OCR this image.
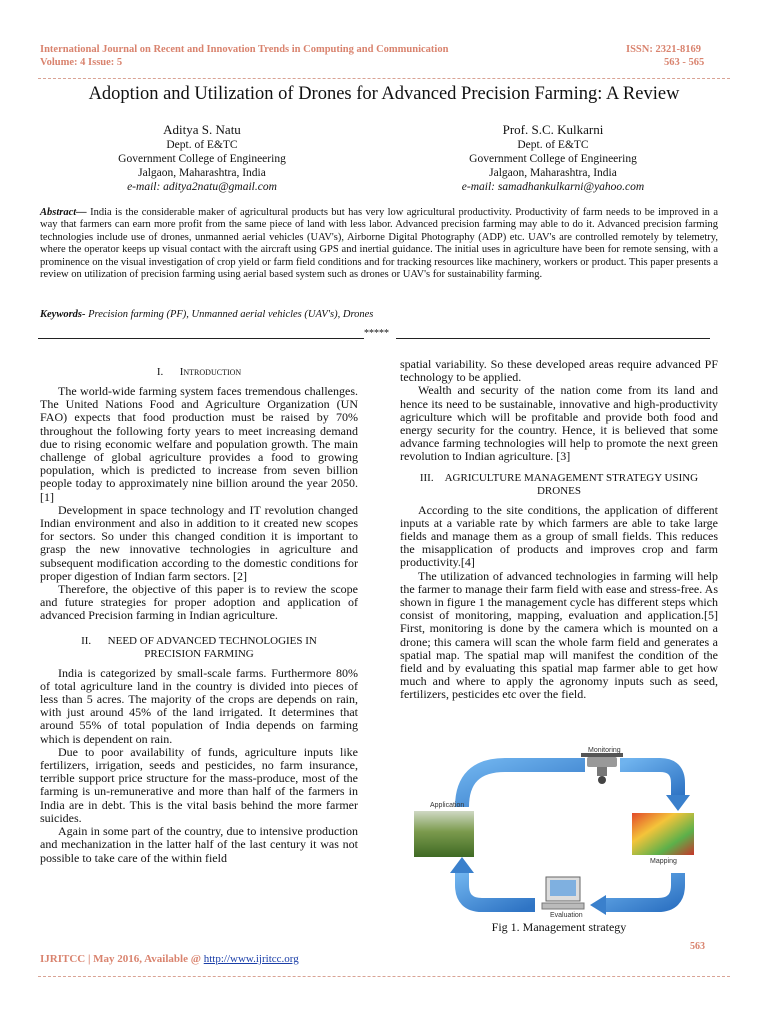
International Journal on Recent and Innovation Trends in Computing and Communication
Volume: 4 Issue: 5
ISSN: 2321-8169
563 - 565
Adoption and Utilization of Drones for Advanced Precision Farming: A Review
Aditya S. Natu
Dept. of E&TC
Government College of Engineering
Jalgaon, Maharashtra, India
e-mail: aditya2natu@gmail.com
Prof. S.C. Kulkarni
Dept. of E&TC
Government College of Engineering
Jalgaon, Maharashtra, India
e-mail: samadhankulkarni@yahoo.com
Abstract— India is the considerable maker of agricultural products but has very low agricultural productivity. Productivity of farm needs to be improved in a way that farmers can earn more profit from the same piece of land with less labor. Advanced precision farming may able to do it. Advanced precision farming technologies include use of drones, unmanned aerial vehicles (UAV's), Airborne Digital Photography (ADP) etc. UAV's are controlled remotely by telemetry, where the operator keeps up visual contact with the aircraft using GPS and inertial guidance. The initial uses in agriculture have been for remote sensing, with a prominence on the visual investigation of crop yield or farm field conditions and for tracking resources like machinery, workers or product. This paper presents a review on utilization of precision farming using aerial based system such as drones or UAV's for sustainability farming.
Keywords- Precision farming (PF), Unmanned aerial vehicles (UAV's), Drones
*****
I. Introduction

The world-wide farming system faces tremendous challenges. The United Nations Food and Agriculture Organization (UN FAO) expects that food production must be raised by 70% throughout the following forty years to meet increasing demand due to rising economic welfare and population growth. The main challenge of global agriculture provides a food to growing population, which is predicted to increase from seven billion people today to approximately nine billion around the year 2050.[1]

Development in space technology and IT revolution changed Indian environment and also in addition to it created new scopes for sectors. So under this changed condition it is important to grasp the new innovative technologies in agriculture and subsequent modification according to the domestic conditions for proper digestion of Indian farm sectors. [2]

Therefore, the objective of this paper is to review the scope and future strategies for proper adoption and application of advanced Precision farming in Indian agriculture.

II. NEED OF ADVANCED TECHNOLOGIES IN PRECISION FARMING

India is categorized by small-scale farms. Furthermore 80% of total agriculture land in the country is divided into pieces of less than 5 acres. The majority of the crops are depends on rain, with just around 45% of the land irrigated. It determines that around 55% of total population of India depends on farming which is dependent on rain.

Due to poor availability of funds, agriculture inputs like fertilizers, irrigation, seeds and pesticides, no farm insurance, terrible support price structure for the mass-produce, most of the farming is un-remunerative and more than half of the farmers in India are in debt. This is the vital basis behind the more farmer suicides.

Again in some part of the country, due to intensive production and mechanization in the latter half of the last century it was not possible to take care of the within field

spatial variability. So these developed areas require advanced PF technology to be applied.

Wealth and security of the nation come from its land and hence its need to be sustainable, innovative and high-productivity agriculture which will be profitable and provide both food and energy security for the country. Hence, it is believed that some advance farming technologies will help to promote the next green revolution to Indian agriculture. [3]

III. AGRICULTURE MANAGEMENT STRATEGY USING DRONES

According to the site conditions, the application of different inputs at a variable rate by which farmers are able to take large fields and manage them as a group of small fields. This reduces the misapplication of products and improves crop and farm productivity.[4]

The utilization of advanced technologies in farming will help the farmer to manage their farm field with ease and stress-free. As shown in figure 1 the management cycle has different steps which consist of monitoring, mapping, evaluation and application.[5] First, monitoring is done by the camera which is mounted on a drone; this camera will scan the whole farm field and generates a spatial map. The spatial map will manifest the condition of the field and by evaluating this spatial map farmer able to get how much and where to apply the agronomy inputs such as seed, fertilizers, pesticides etc over the field.

Monitoring
Application
Mapping
Evaluation
Fig 1. Management strategy
563
IJRITCC | May 2016, Available @ http://www.ijritcc.org
